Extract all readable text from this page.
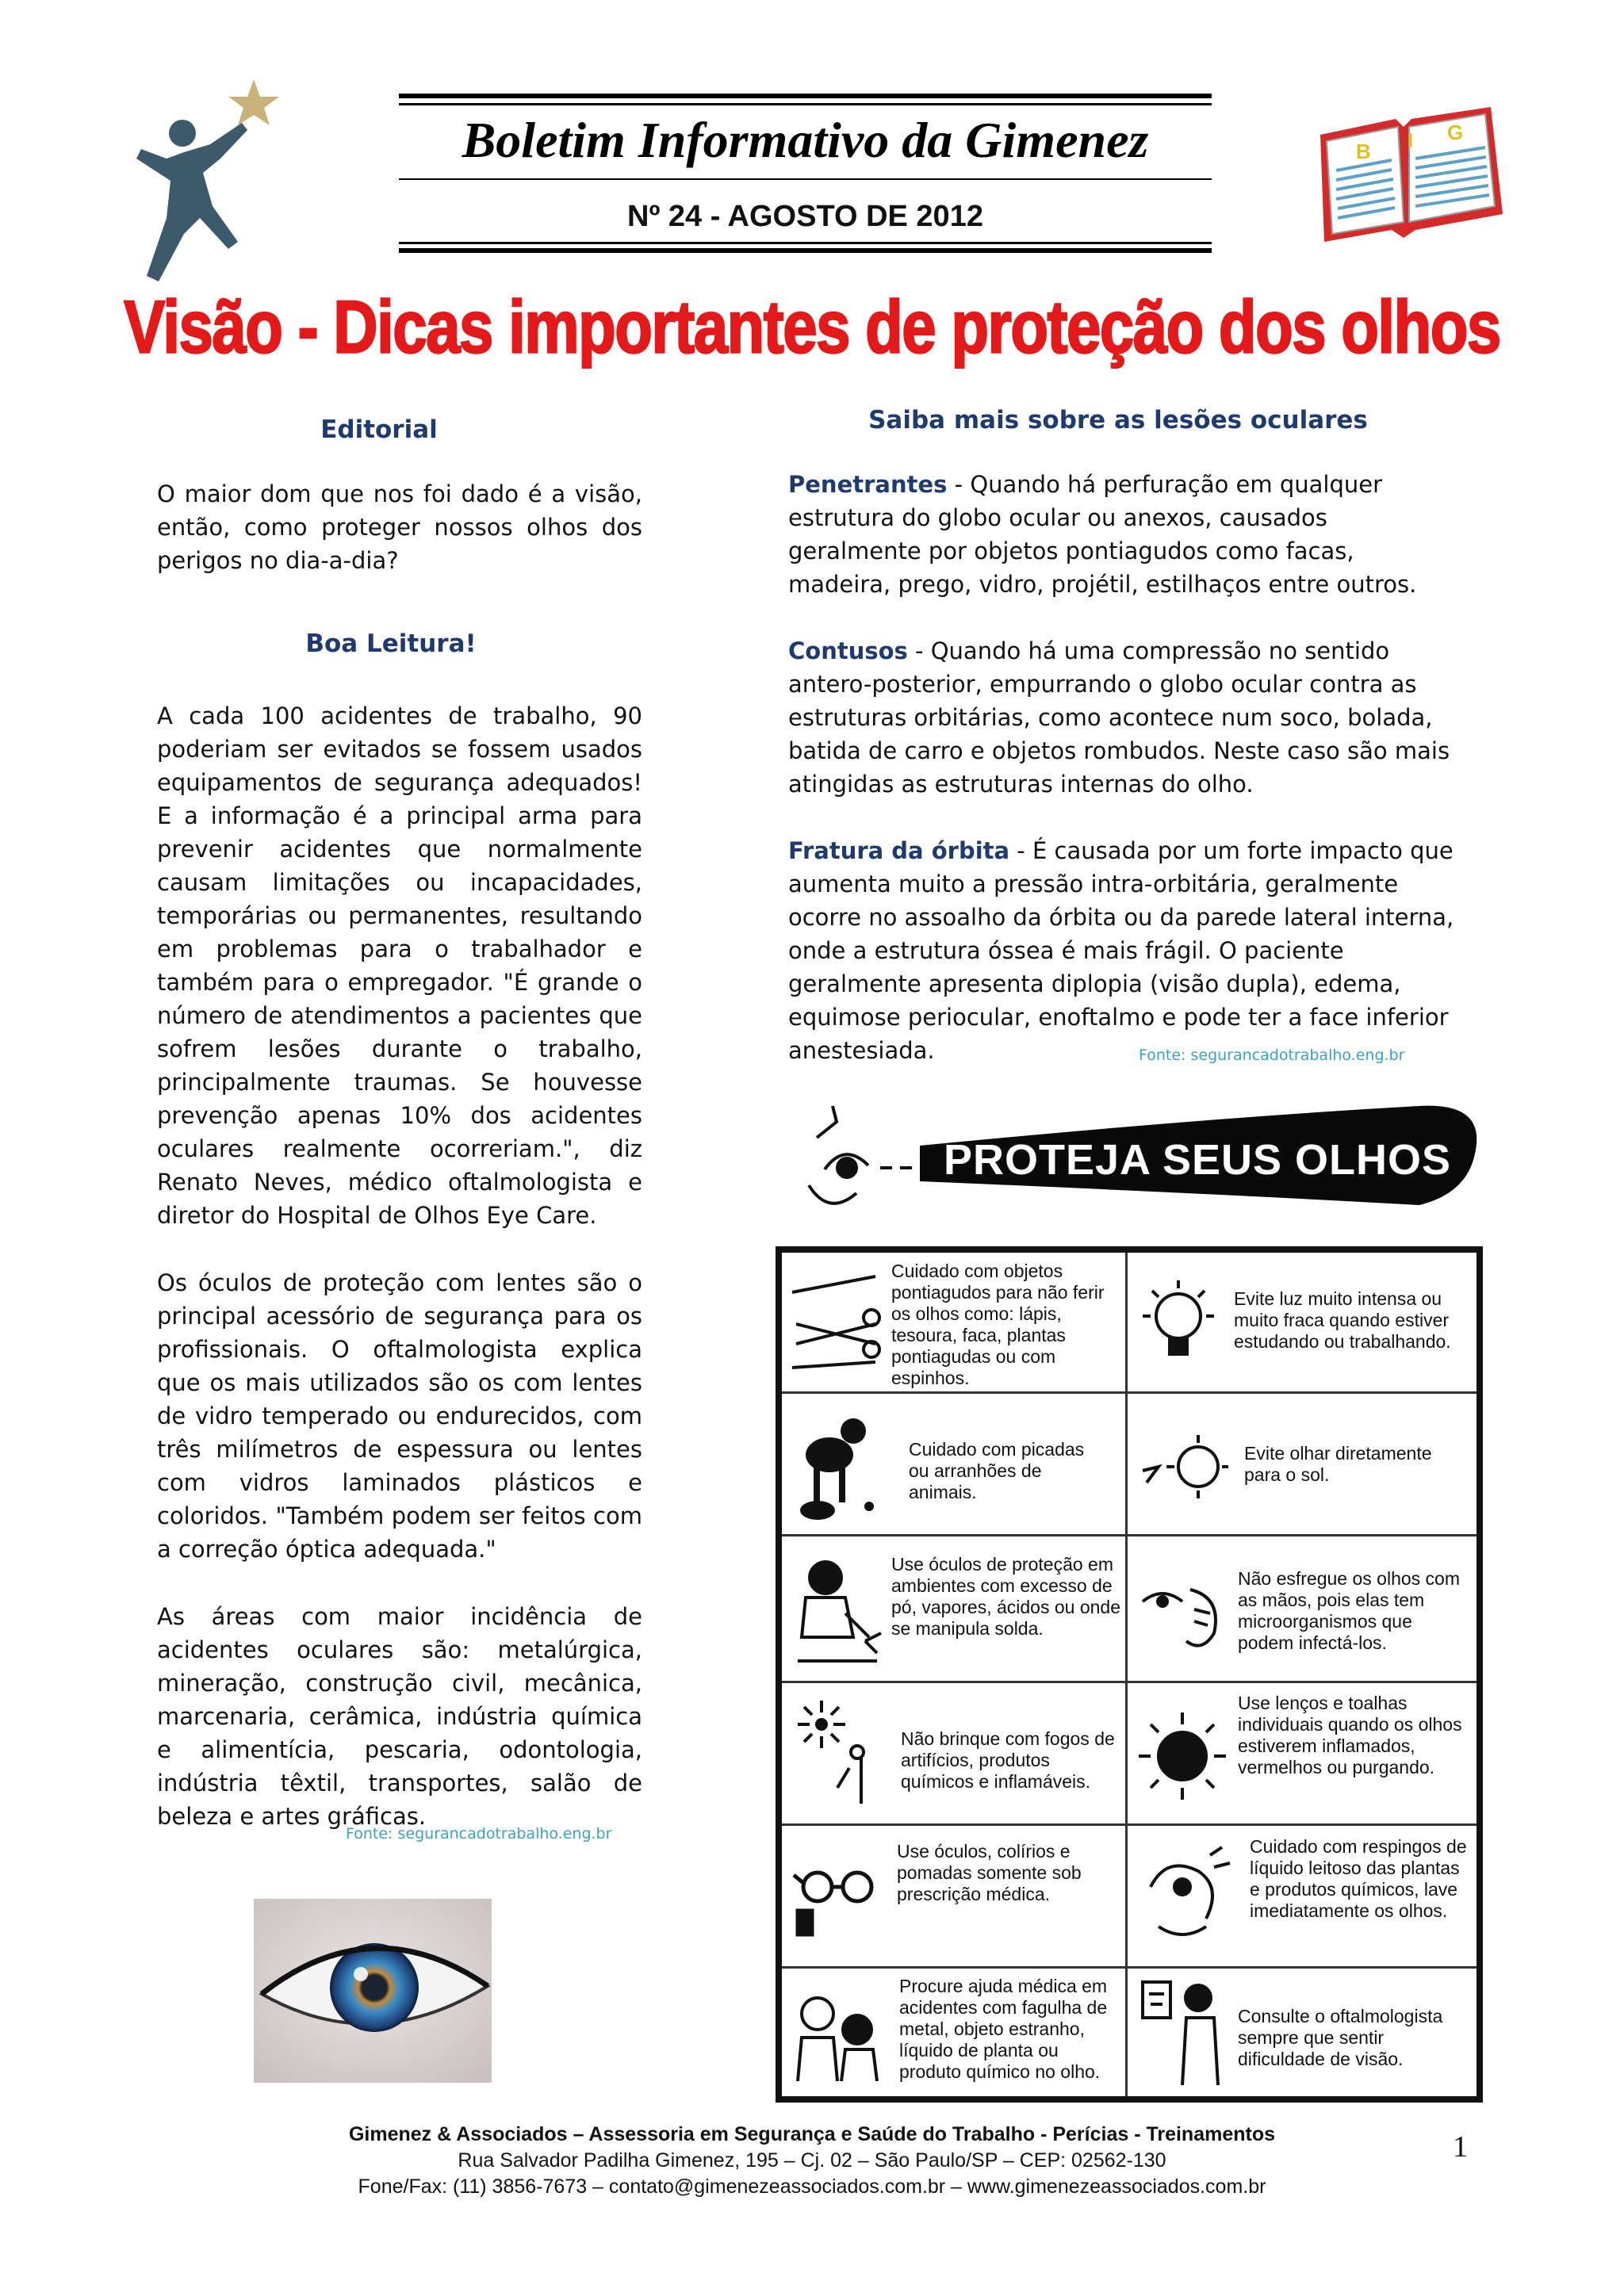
Boletim Informativo da Gimenez
Nº 24 - AGOSTO DE 2012
B I G
Visão - Dicas importantes de proteção dos olhos
Editorial
O maior dom que nos foi dado é a visão, então, como proteger nossos olhos dos perigos no dia-a-dia?
Boa Leitura!
A cada 100 acidentes de trabalho, 90 poderiam ser evitados se fossem usados equipamentos de segurança adequados! E a informação é a principal arma para prevenir acidentes que normalmente causam limitações ou incapacidades, temporárias ou permanentes, resultando em problemas para o trabalhador e também para o empregador. "É grande o número de atendimentos a pacientes que sofrem lesões durante o trabalho, principalmente traumas. Se houvesse prevenção apenas 10% dos acidentes oculares realmente ocorreriam.", diz Renato Neves, médico oftalmologista e diretor do Hospital de Olhos Eye Care.
Os óculos de proteção com lentes são o principal acessório de segurança para os profissionais. O oftalmologista explica que os mais utilizados são os com lentes de vidro temperado ou endurecidos, com três milímetros de espessura ou lentes com vidros laminados plásticos e coloridos. "Também podem ser feitos com a correção óptica adequada."
As áreas com maior incidência de acidentes oculares são: metalúrgica, mineração, construção civil, mecânica, marcenaria, cerâmica, indústria química e alimentícia, pescaria, odontologia, indústria têxtil, transportes, salão de beleza e artes gráficas.
Fonte: segurancadotrabalho.eng.br
Saiba mais sobre as lesões oculares
Penetrantes - Quando há perfuração em qualquer estrutura do globo ocular ou anexos, causados geralmente por objetos pontiagudos como facas, madeira, prego, vidro, projétil, estilhaços entre outros.
Contusos - Quando há uma compressão no sentido antero-posterior, empurrando o globo ocular contra as estruturas orbitárias, como acontece num soco, bolada, batida de carro e objetos rombudos. Neste caso são mais atingidas as estruturas internas do olho.
Fratura da órbita - É causada por um forte impacto que aumenta muito a pressão intra-orbitária, geralmente ocorre no assoalho da órbita ou da parede lateral interna, onde a estrutura óssea é mais frágil. O paciente geralmente apresenta diplopia (visão dupla), edema, equimose periocular, enoftalmo e pode ter a face inferior anestesiada.	Fonte: segurancadotrabalho.eng.br
PROTEJA SEUS OLHOS
Cuidado com objetos pontiagudos para não ferir os olhos como: lápis, tesoura, faca, plantas pontiagudas ou com espinhos.
Evite luz muito intensa ou muito fraca quando estiver estudando ou trabalhando.
Cuidado com picadas ou arranhões de animais.
Evite olhar diretamente para o sol.
Use óculos de proteção em ambientes com excesso de pó, vapores, ácidos ou onde se manipula solda.
Não esfregue os olhos com as mãos, pois elas tem microorganismos que podem infectá-los.
Não brinque com fogos de artifícios, produtos químicos e inflamáveis.
Use lenços e toalhas individuais quando os olhos estiverem inflamados, vermelhos ou purgando.
Use óculos, colírios e pomadas somente sob prescrição médica.
Cuidado com respingos de líquido leitoso das plantas e produtos químicos, lave imediatamente os olhos.
Procure ajuda médica em acidentes com fagulha de metal, objeto estranho, líquido de planta ou produto químico no olho.
Consulte o oftalmologista sempre que sentir dificuldade de visão.
Gimenez & Associados – Assessoria em Segurança e Saúde do Trabalho - Perícias - Treinamentos
Rua Salvador Padilha Gimenez, 195 – Cj. 02 – São Paulo/SP – CEP: 02562-130
Fone/Fax: (11) 3856-7673 – contato@gimenezeassociados.com.br – www.gimenezeassociados.com.br
1
